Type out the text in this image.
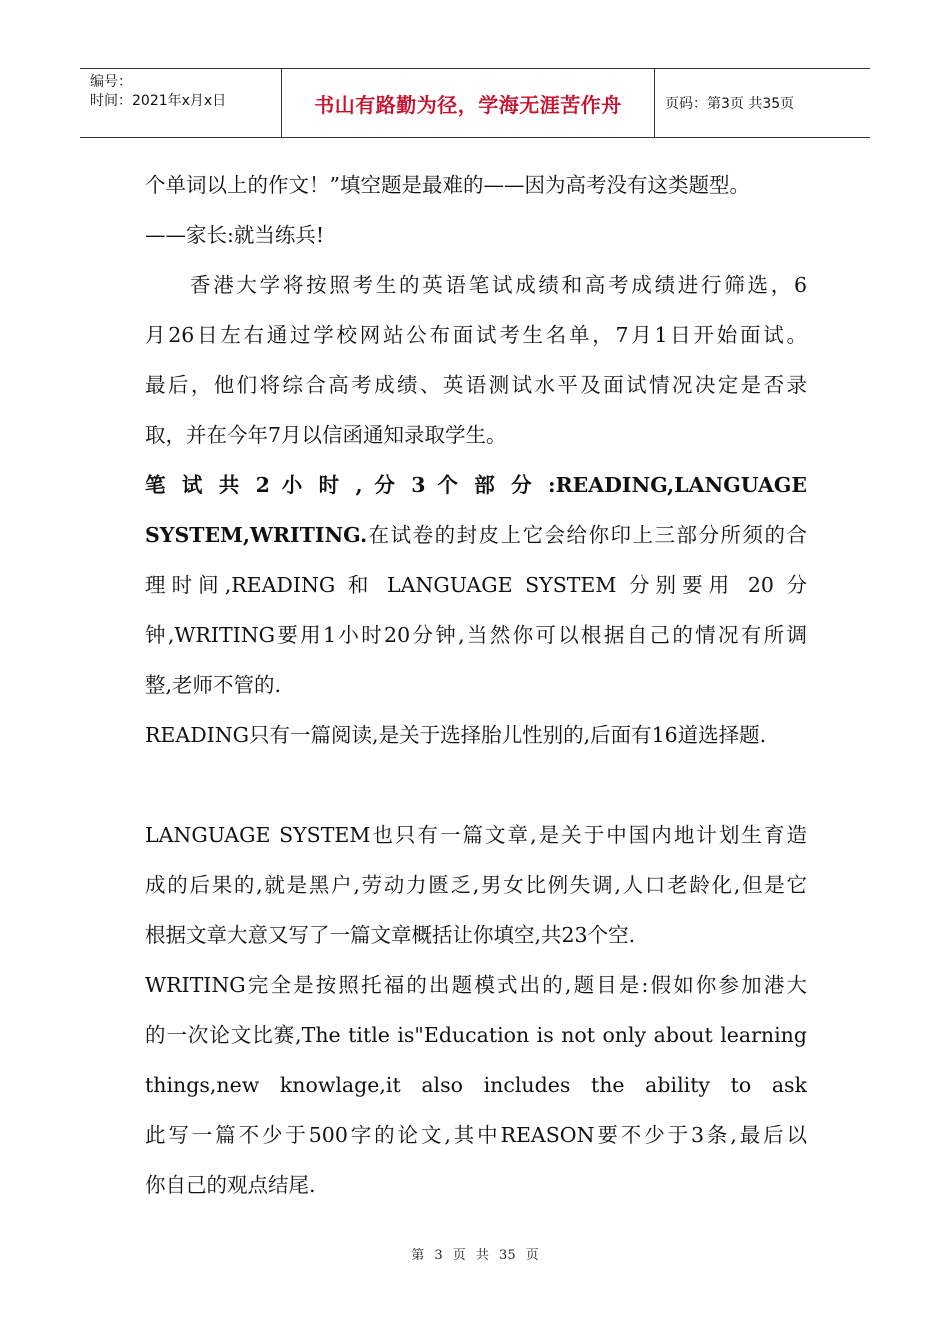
编号：
时间：2021年x月x日	书山有路勤为径，学海无涯苦作舟	页码：第3页 共35页
个单词以上的作文！”填空题是最难的——因为高考没有这类题型。
——家长:就当练兵!
香港大学将按照考生的英语笔试成绩和高考成绩进行筛选，6
月26日左右通过学校网站公布面试考生名单，7月1日开始面试。
最后，他们将综合高考成绩、英语测试水平及面试情况决定是否录
取，并在今年7月以信函通知录取学生。
笔 试 共 2 小 时 , 分 3 个 部 分 :READING,LANGUAGE
SYSTEM,WRITING.在试卷的封皮上它会给你印上三部分所须的合
理时间,READING 和 LANGUAGE SYSTEM 分别要用 20 分
钟,WRITING要用1小时20分钟,当然你可以根据自己的情况有所调
整,老师不管的.
READING只有一篇阅读,是关于选择胎儿性别的,后面有16道选择题.
LANGUAGE SYSTEM也只有一篇文章,是关于中国内地计划生育造
成的后果的,就是黑户,劳动力匮乏,男女比例失调,人口老龄化,但是它
根据文章大意又写了一篇文章概括让你填空,共23个空.
WRITING完全是按照托福的出题模式出的,题目是:假如你参加港大
的一次论文比赛,The title is"Education is not only about learning
things,new knowlage,it also includes the ability to ask
此写一篇不少于500字的论文,其中REASON要不少于3条,最后以
你自己的观点结尾.
第 3 页 共 35 页
